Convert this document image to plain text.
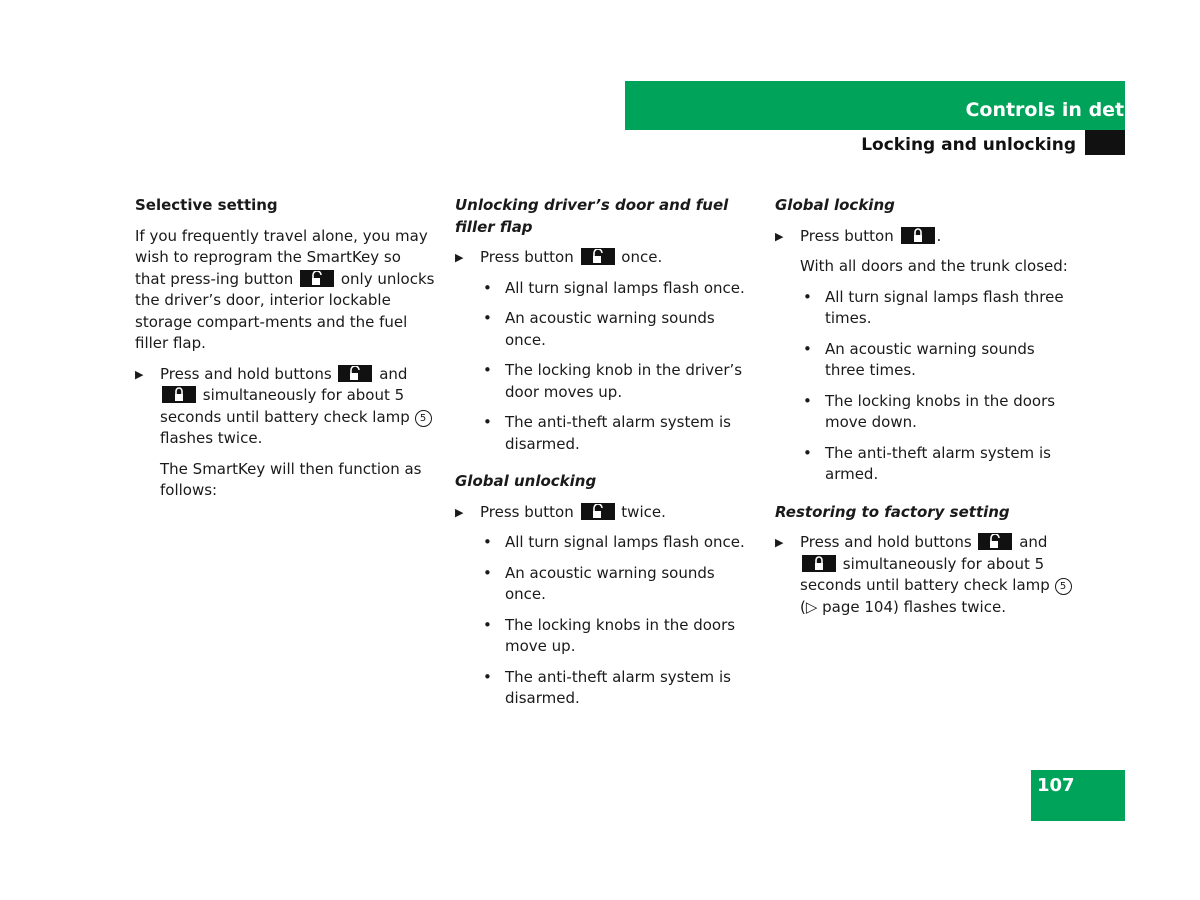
Controls in detail
Locking and unlocking
Selective setting

If you frequently travel alone, you may wish to reprogram the SmartKey so that press-ing button	only unlocks the driver’s door, interior lockable storage compart-ments and the fuel filler flap.

▶ Press and hold buttons	and
simultaneously for about 5 seconds until battery check lamp 5 flashes twice.
The SmartKey will then function as follows:
Unlocking driver’s door and fuel filler flap
▶ Press button	once.
• All turn signal lamps flash once.
• An acoustic warning sounds once.
• The locking knob in the driver’s door moves up.
• The anti-theft alarm system is disarmed.
Global unlocking
▶ Press button	twice.
• All turn signal lamps flash once.
• An acoustic warning sounds once.
• The locking knobs in the doors move up.
• The anti-theft alarm system is disarmed.
Global locking
▶ Press button	.
With all doors and the trunk closed:
• All turn signal lamps flash three times.
• An acoustic warning sounds three times.
• The locking knobs in the doors move down.
• The anti-theft alarm system is armed.
Restoring to factory setting
▶ Press and hold buttons	and
simultaneously for about 5 seconds until battery check lamp 5 (▷ page 104) flashes twice.
107
